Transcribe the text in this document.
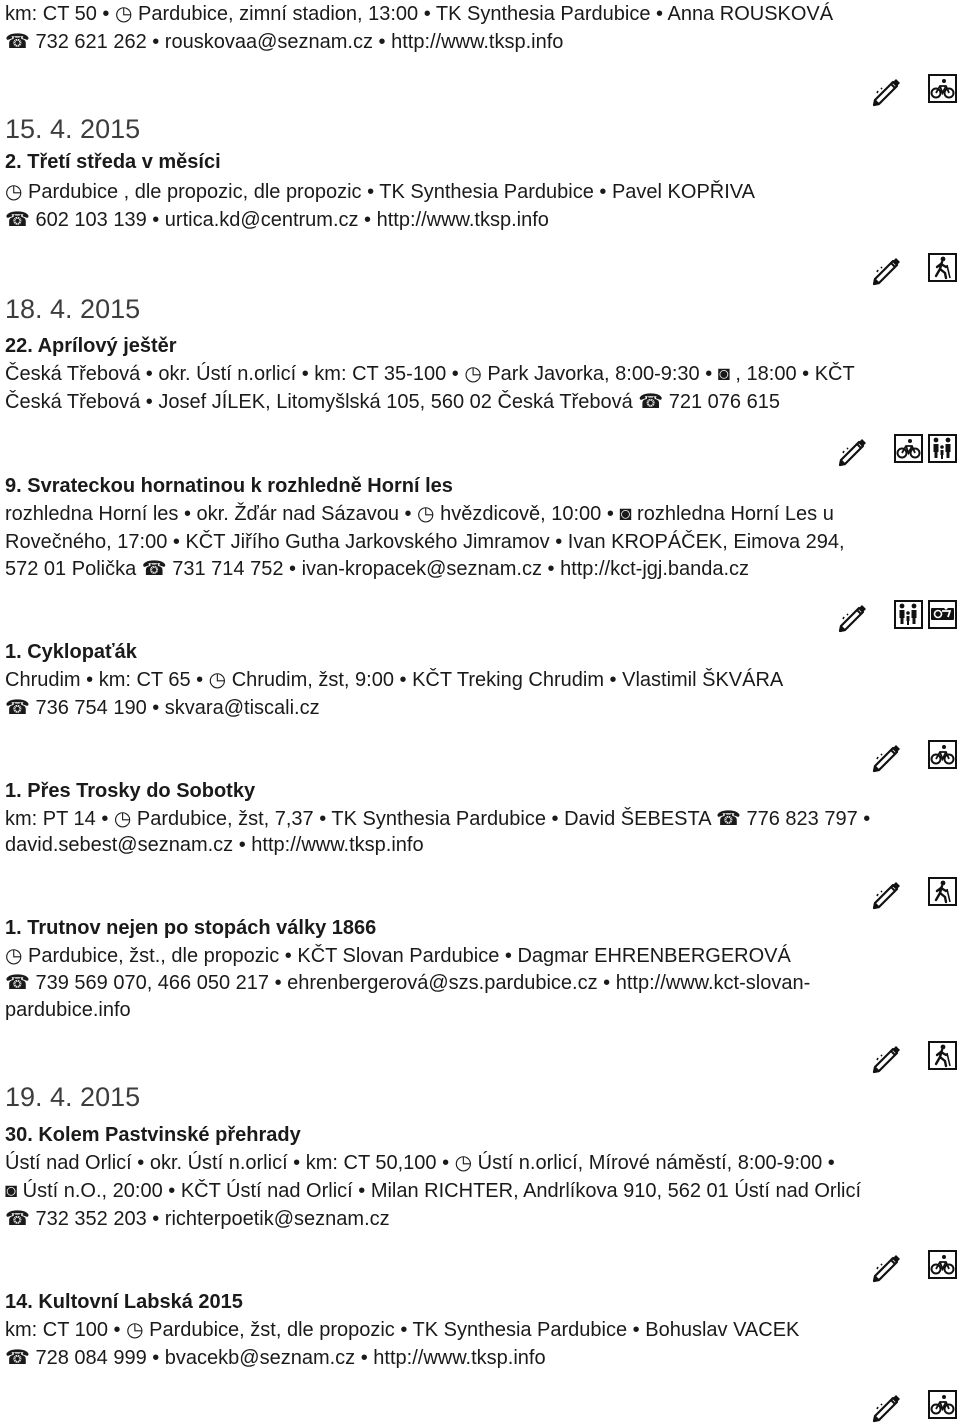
km: CT 50 • ◷ Pardubice, zimní stadion, 13:00 • TK Synthesia Pardubice • Anna ROUSKOVÁ
☎ 732 621 262 • rouskovaa@seznam.cz • http://www.tksp.info
15. 4. 2015
2. Třetí středa v měsíci
◷ Pardubice , dle propozic, dle propozic • TK Synthesia Pardubice • Pavel KOPŘIVA
☎ 602 103 139 • urtica.kd@centrum.cz • http://www.tksp.info
18. 4. 2015
22. Aprílový ještěr
Česká Třebová • okr. Ústí n.orlicí • km: CT 35-100 • ◷ Park Javorka, 8:00-9:30 • ◙ , 18:00 • KČT
Česká Třebová • Josef JÍLEK, Litomyšlská 105, 560 02 Česká Třebová ☎ 721 076 615
9. Svrateckou hornatinou k rozhledně Horní les
rozhledna Horní les • okr. Žďár nad Sázavou • ◷ hvězdicově, 10:00 • ◙ rozhledna Horní Les u
Rovečného, 17:00 • KČT Jiřího Gutha Jarkovského Jimramov • Ivan KROPÁČEK, Eimova 294,
572 01 Polička ☎ 731 714 752 • ivan-kropacek@seznam.cz • http://kct-jgj.banda.cz
1. Cyklopaťák
Chrudim • km: CT 65 • ◷ Chrudim, žst, 9:00 • KČT Treking Chrudim • Vlastimil ŠKVÁRA
☎ 736 754 190 • skvara@tiscali.cz
1. Přes Trosky do Sobotky
km: PT 14 • ◷ Pardubice, žst, 7,37 • TK Synthesia Pardubice • David ŠEBESTA ☎ 776 823 797 •
david.sebest@seznam.cz • http://www.tksp.info
1. Trutnov nejen po stopách války 1866
◷ Pardubice, žst., dle propozic • KČT Slovan Pardubice • Dagmar EHRENBERGEROVÁ
☎ 739 569 070, 466 050 217 • ehrenbergerová@szs.pardubice.cz • http://www.kct-slovan-
pardubice.info
19. 4. 2015
30. Kolem Pastvinské přehrady
Ústí nad Orlicí • okr. Ústí n.orlicí • km: CT 50,100 • ◷ Ústí n.orlicí, Mírové náměstí, 8:00-9:00 •
◙ Ústí n.O., 20:00 • KČT Ústí nad Orlicí • Milan RICHTER, Andrlíkova 910, 562 01 Ústí nad Orlicí
☎ 732 352 203 • richterpoetik@seznam.cz
14. Kultovní Labská 2015
km: CT 100 • ◷ Pardubice, žst, dle propozic • TK Synthesia Pardubice • Bohuslav VACEK
☎ 728 084 999 • bvacekb@seznam.cz • http://www.tksp.info
